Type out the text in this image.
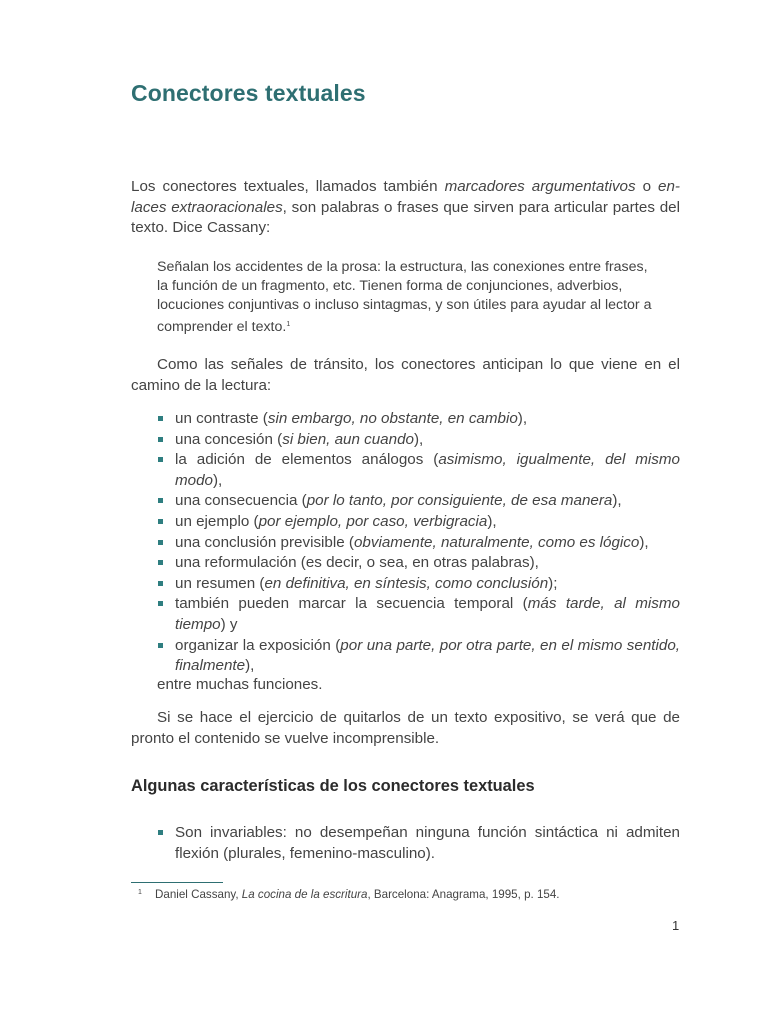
Conectores textuales

Los conectores textuales, llamados también marcadores argumentativos o enlaces extraoracionales, son palabras o frases que sirven para articular partes del texto. Dice Cassany:

Señalan los accidentes de la prosa: la estructura, las conexiones entre frases, la función de un fragmento, etc. Tienen forma de conjunciones, adverbios, locuciones conjuntivas o incluso sintagmas, y son útiles para ayudar al lector a comprender el texto.$^1$

Como las señales de tránsito, los conectores anticipan lo que viene en el camino de la lectura:

un contraste (sin embargo, no obstante, en cambio),
una concesión (si bien, aun cuando),
la adición de elementos análogos (asimismo, igualmente, del mismo modo),
una consecuencia (por lo tanto, por consiguiente, de esa manera),
un ejemplo (por ejemplo, por caso, verbigracia),
una conclusión previsible (obviamente, naturalmente, como es lógico),
una reformulación (es decir, o sea, en otras palabras),
un resumen (en definitiva, en síntesis, como conclusión);
también pueden marcar la secuencia temporal (más tarde, al mismo tiempo) y
organizar la exposición (por una parte, por otra parte, en el mismo sentido, finalmente),
entre muchas funciones.

Si se hace el ejercicio de quitarlos de un texto expositivo, se verá que de pronto el contenido se vuelve incomprensible.

Algunas características de los conectores textuales
Son invariables: no desempeñan ninguna función sintáctica ni admiten flexión (plurales, femenino-masculino).
1 Daniel Cassany, La cocina de la escritura, Barcelona: Anagrama, 1995, p. 154.
1
